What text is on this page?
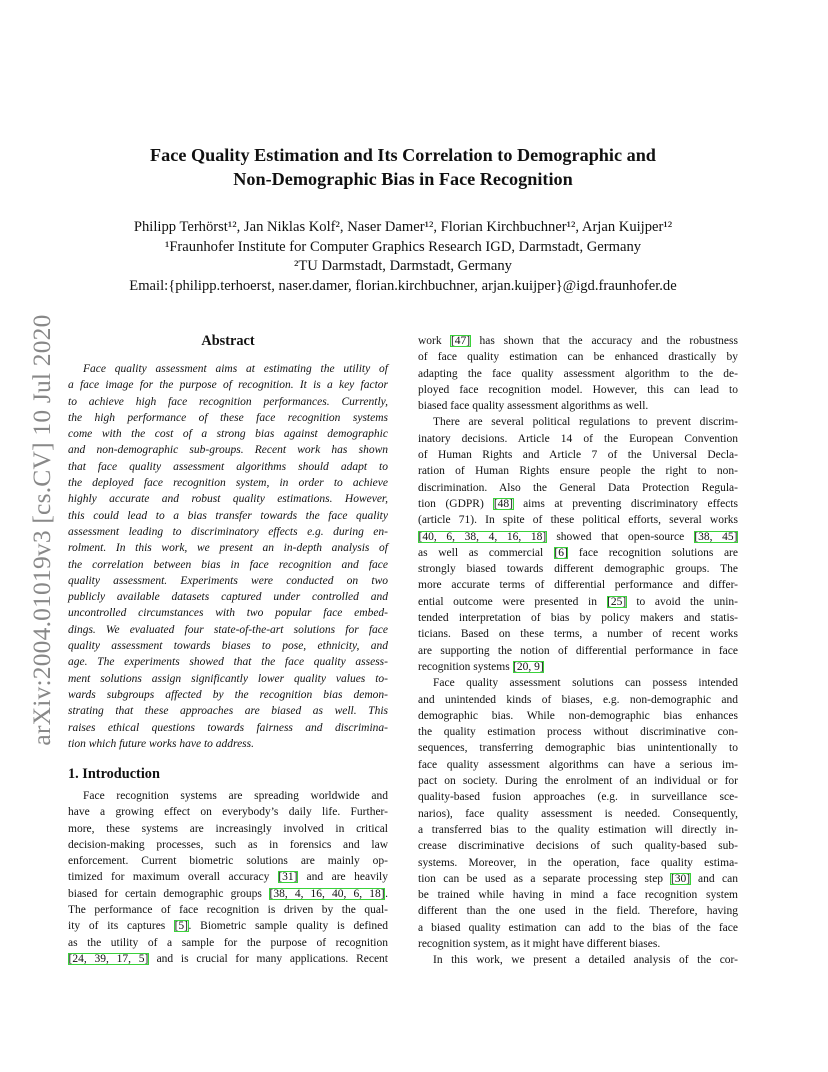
arXiv:2004.01019v3 [cs.CV] 10 Jul 2020
Face Quality Estimation and Its Correlation to Demographic and
Non-Demographic Bias in Face Recognition
Philipp Terhörst¹², Jan Niklas Kolf², Naser Damer¹², Florian Kirchbuchner¹², Arjan Kuijper¹²
¹Fraunhofer Institute for Computer Graphics Research IGD, Darmstadt, Germany
²TU Darmstadt, Darmstadt, Germany
Email:{philipp.terhoerst, naser.damer, florian.kirchbuchner, arjan.kuijper}@igd.fraunhofer.de
Abstract
Face quality assessment aims at estimating the utility of
a face image for the purpose of recognition. It is a key factor
to achieve high face recognition performances. Currently,
the high performance of these face recognition systems
come with the cost of a strong bias against demographic
and non-demographic sub-groups. Recent work has shown
that face quality assessment algorithms should adapt to
the deployed face recognition system, in order to achieve
highly accurate and robust quality estimations. However,
this could lead to a bias transfer towards the face quality
assessment leading to discriminatory effects e.g. during en-
rolment. In this work, we present an in-depth analysis of
the correlation between bias in face recognition and face
quality assessment. Experiments were conducted on two
publicly available datasets captured under controlled and
uncontrolled circumstances with two popular face embed-
dings. We evaluated four state-of-the-art solutions for face
quality assessment towards biases to pose, ethnicity, and
age. The experiments showed that the face quality assess-
ment solutions assign significantly lower quality values to-
wards subgroups affected by the recognition bias demon-
strating that these approaches are biased as well. This
raises ethical questions towards fairness and discrimina-
tion which future works have to address.
1. Introduction
Face recognition systems are spreading worldwide and
have a growing effect on everybody’s daily life. Further-
more, these systems are increasingly involved in critical
decision-making processes, such as in forensics and law
enforcement. Current biometric solutions are mainly op-
timized for maximum overall accuracy [31] and are heavily
biased for certain demographic groups [38, 4, 16, 40, 6, 18].
The performance of face recognition is driven by the qual-
ity of its captures [5]. Biometric sample quality is defined
as the utility of a sample for the purpose of recognition
[24, 39, 17, 5] and is crucial for many applications. Recent
work [47] has shown that the accuracy and the robustness
of face quality estimation can be enhanced drastically by
adapting the face quality assessment algorithm to the de-
ployed face recognition model. However, this can lead to
biased face quality assessment algorithms as well.
There are several political regulations to prevent discrim-
inatory decisions. Article 14 of the European Convention
of Human Rights and Article 7 of the Universal Decla-
ration of Human Rights ensure people the right to non-
discrimination. Also the General Data Protection Regula-
tion (GDPR) [48] aims at preventing discriminatory effects
(article 71). In spite of these political efforts, several works
[40, 6, 38, 4, 16, 18] showed that open-source [38, 45]
as well as commercial [6] face recognition solutions are
strongly biased towards different demographic groups. The
more accurate terms of differential performance and differ-
ential outcome were presented in [25] to avoid the unin-
tended interpretation of bias by policy makers and statis-
ticians. Based on these terms, a number of recent works
are supporting the notion of differential performance in face
recognition systems [20, 9]
Face quality assessment solutions can possess intended
and unintended kinds of biases, e.g. non-demographic and
demographic bias. While non-demographic bias enhances
the quality estimation process without discriminative con-
sequences, transferring demographic bias unintentionally to
face quality assessment algorithms can have a serious im-
pact on society. During the enrolment of an individual or for
quality-based fusion approaches (e.g. in surveillance sce-
narios), face quality assessment is needed. Consequently,
a transferred bias to the quality estimation will directly in-
crease discriminative decisions of such quality-based sub-
systems. Moreover, in the operation, face quality estima-
tion can be used as a separate processing step [30] and can
be trained while having in mind a face recognition system
different than the one used in the field. Therefore, having
a biased quality estimation can add to the bias of the face
recognition system, as it might have different biases.
In this work, we present a detailed analysis of the cor-
